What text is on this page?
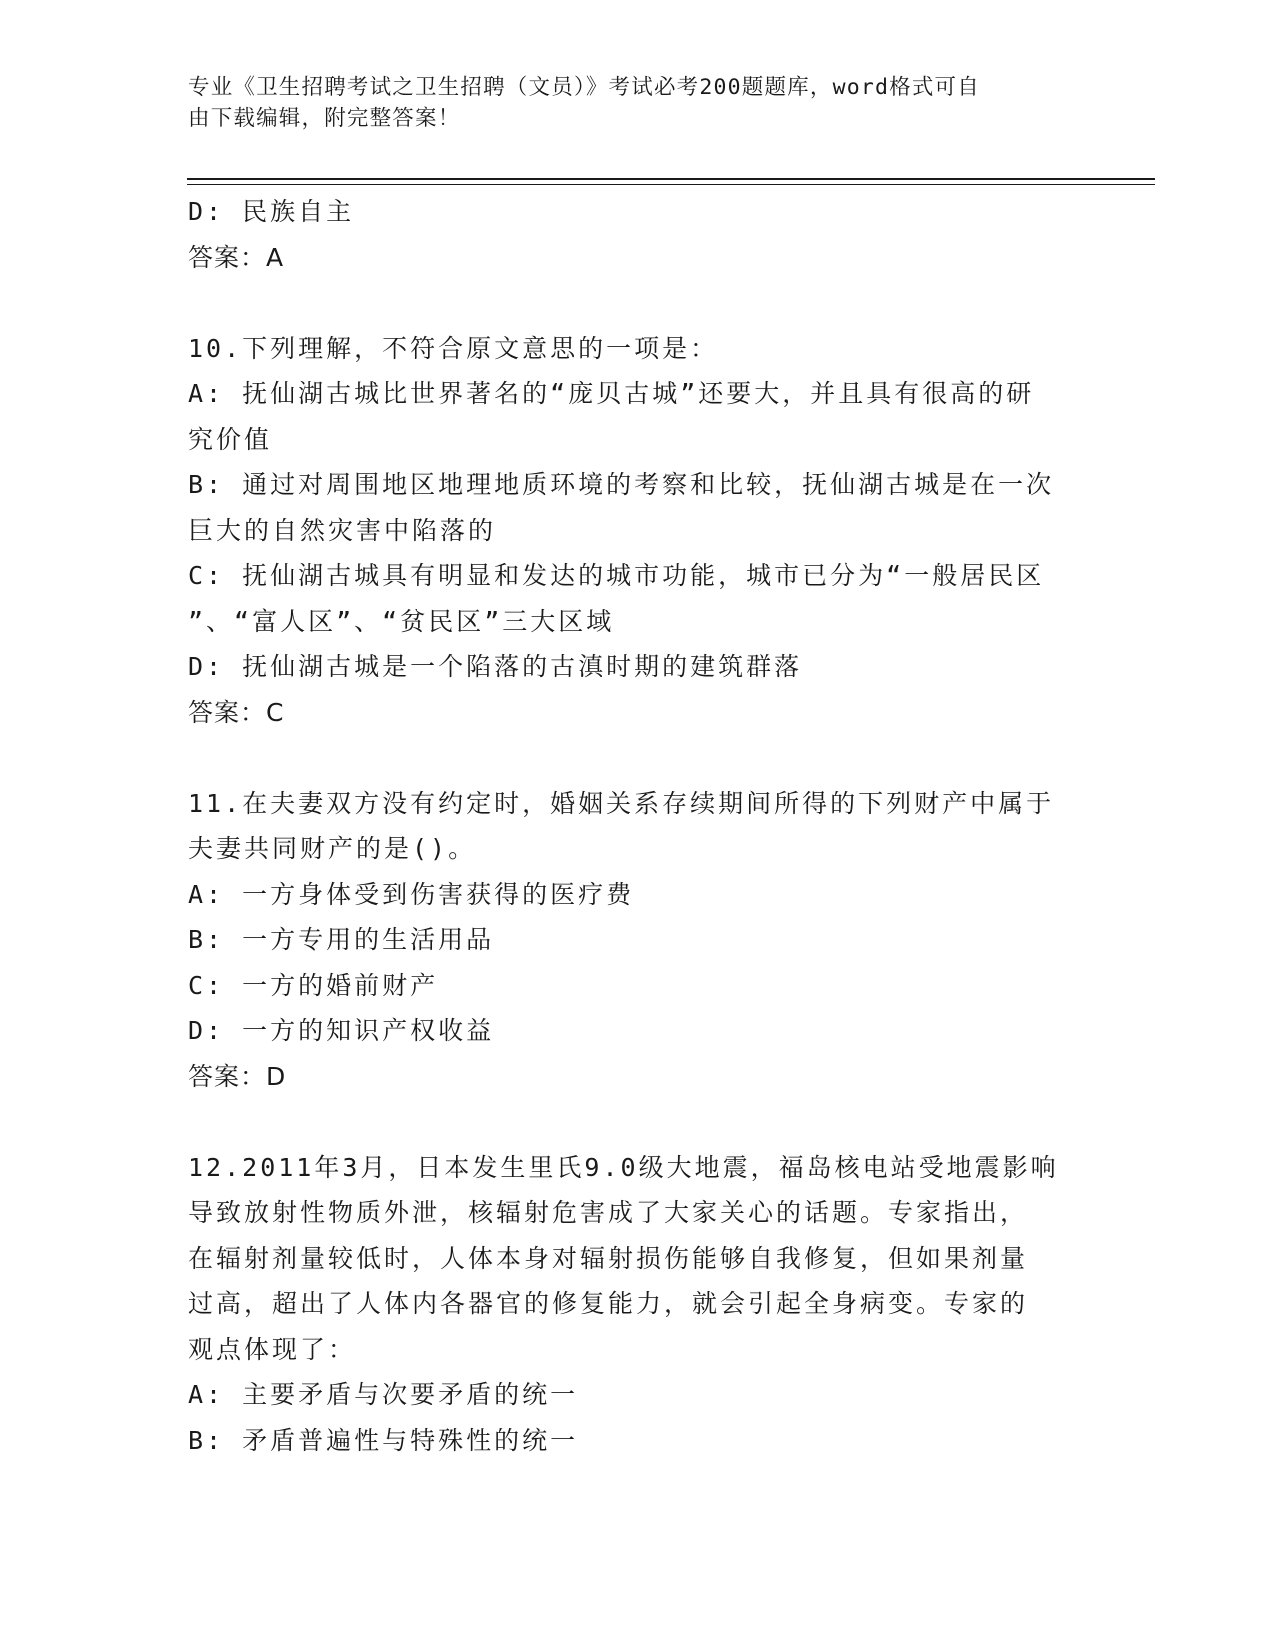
专业《卫生招聘考试之卫生招聘（文员）》考试必考200题题库，word格式可自
由下载编辑，附完整答案！
D: 民族自主
答案：A
10.下列理解，不符合原文意思的一项是：
A: 抚仙湖古城比世界著名的“庞贝古城”还要大，并且具有很高的研
究价值
B: 通过对周围地区地理地质环境的考察和比较，抚仙湖古城是在一次
巨大的自然灾害中陷落的
C: 抚仙湖古城具有明显和发达的城市功能，城市已分为“一般居民区
”、“富人区”、“贫民区”三大区域
D: 抚仙湖古城是一个陷落的古滇时期的建筑群落
答案：C
11.在夫妻双方没有约定时，婚姻关系存续期间所得的下列财产中属于
夫妻共同财产的是()。
A: 一方身体受到伤害获得的医疗费
B: 一方专用的生活用品
C: 一方的婚前财产
D: 一方的知识产权收益
答案：D
12.2011年3月，日本发生里氏9.0级大地震，福岛核电站受地震影响
导致放射性物质外泄，核辐射危害成了大家关心的话题。专家指出，
在辐射剂量较低时，人体本身对辐射损伤能够自我修复，但如果剂量
过高，超出了人体内各器官的修复能力，就会引起全身病变。专家的
观点体现了：
A: 主要矛盾与次要矛盾的统一
B: 矛盾普遍性与特殊性的统一
